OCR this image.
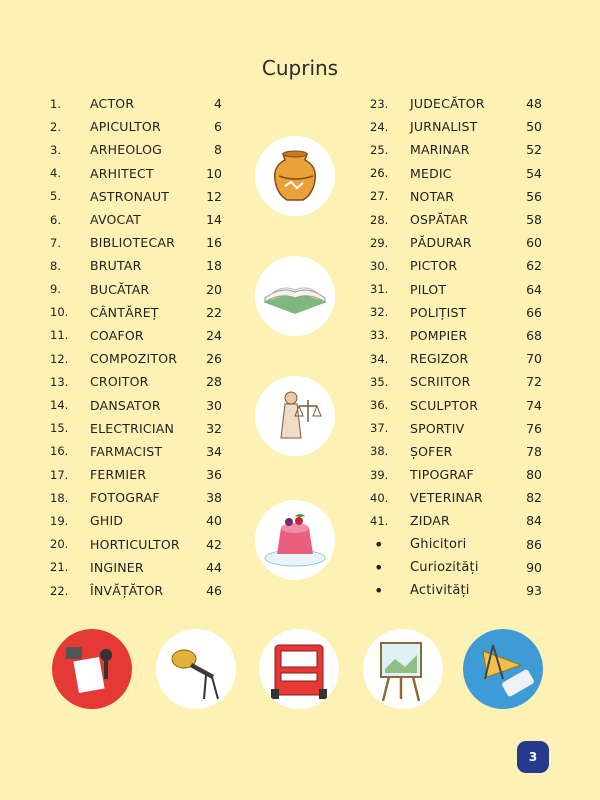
Cuprins
1.	ACTOR	4
2.	APICULTOR	6
3.	ARHEOLOG	8
4.	ARHITECT	10
5.	ASTRONAUT	12
6.	AVOCAT	14
7.	BIBLIOTECAR	16
8.	BRUTAR	18
9.	BUCĂTAR	20
10.	CÂNTĂREȚ	22
11.	COAFOR	24
12.	COMPOZITOR	26
13.	CROITOR	28
14.	DANSATOR	30
15.	ELECTRICIAN	32
16.	FARMACIST	34
17.	FERMIER	36
18.	FOTOGRAF	38
19.	GHID	40
20.	HORTICULTOR	42
21.	INGINER	44
22.	ÎNVĂȚĂTOR	46
23.	JUDECĂTOR	48
24.	JURNALIST	50
25.	MARINAR	52
26.	MEDIC	54
27.	NOTAR	56
28.	OSPĂTAR	58
29.	PĂDURAR	60
30.	PICTOR	62
31.	PILOT	64
32.	POLIȚIST	66
33.	POMPIER	68
34.	REGIZOR	70
35.	SCRIITOR	72
36.	SCULPTOR	74
37.	SPORTIV	76
38.	ȘOFER	78
39.	TIPOGRAF	80
40.	VETERINAR	82
41.	ZIDAR	84
•	Ghicitori	86
•	Curiozități	90
•	Activități	93
3
